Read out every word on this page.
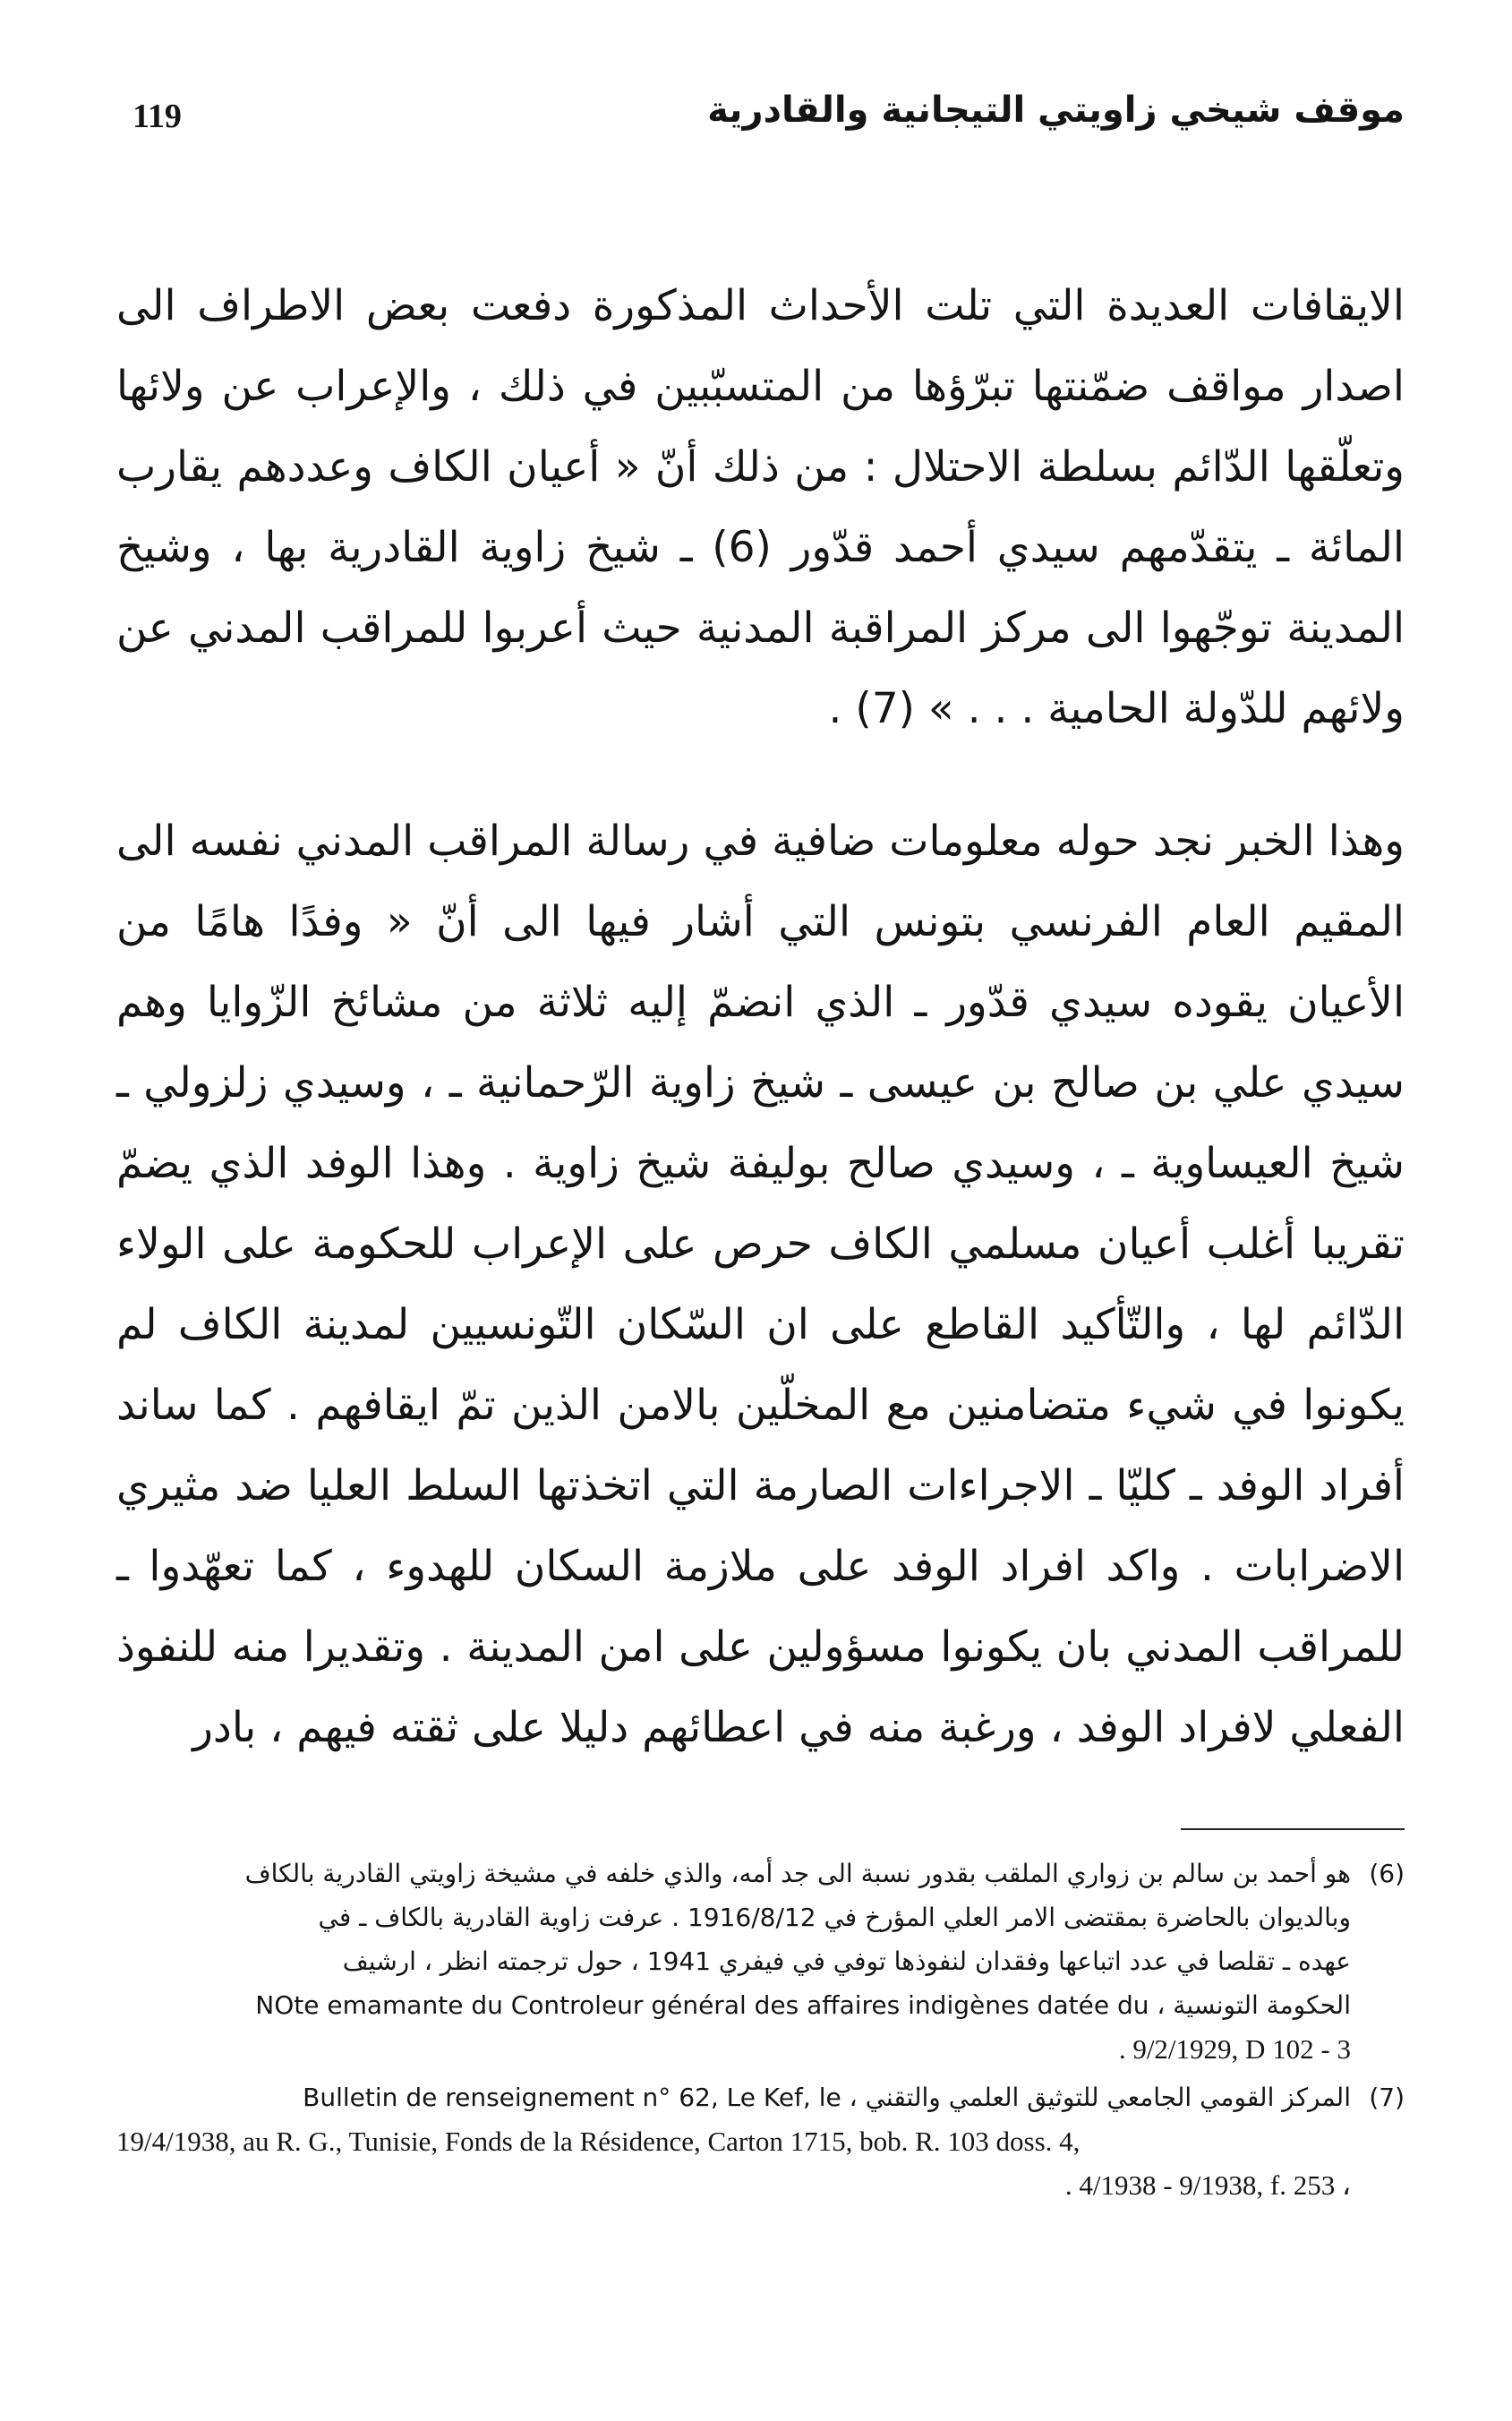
119	موقف شيخي زاويتي التيجانية والقادرية

الايقافات العديدة التي تلت الأحداث المذكورة دفعت بعض الاطراف الى اصدار مواقف ضمّنتها تبرّؤها من المتسبّبين في ذلك ، والإعراب عن ولائها وتعلّقها الدّائم بسلطة الاحتلال : من ذلك أنّ « أعيان الكاف وعددهم يقارب المائة ـ يتقدّمهم سيدي أحمد قدّور (6) ـ شيخ زاوية القادرية بها ، وشيخ المدينة توجّهوا الى مركز المراقبة المدنية حيث أعربوا للمراقب المدني عن ولائهم للدّولة الحامية . . . » (7) .

وهذا الخبر نجد حوله معلومات ضافية في رسالة المراقب المدني نفسه الى المقيم العام الفرنسي بتونس التي أشار فيها الى أنّ « وفدًا هامًا من الأعيان يقوده سيدي قدّور ـ الذي انضمّ إليه ثلاثة من مشائخ الزّوايا وهم سيدي علي بن صالح بن عيسى ـ شيخ زاوية الرّحمانية ـ ، وسيدي زلزولي ـ شيخ العيساوية ـ ، وسيدي صالح بوليفة شيخ زاوية . وهذا الوفد الذي يضمّ تقريبا أغلب أعيان مسلمي الكاف حرص على الإعراب للحكومة على الولاء الدّائم لها ، والتّأكيد القاطع على ان السّكان التّونسيين لمدينة الكاف لم يكونوا في شيء متضامنين مع المخلّين بالامن الذين تمّ ايقافهم . كما ساند أفراد الوفد ـ كليّا ـ الاجراءات الصارمة التي اتخذتها السلط العليا ضد مثيري الاضرابات . واكد افراد الوفد على ملازمة السكان للهدوء ، كما تعهّدوا ـ للمراقب المدني بان يكونوا مسؤولين على امن المدينة . وتقديرا منه للنفوذ الفعلي لافراد الوفد ، ورغبة منه في اعطائهم دليلا على ثقته فيهم ، بادر

(6)
هو أحمد بن سالم بن زواري الملقب بقدور نسبة الى جد أمه، والذي خلفه في مشيخة زاويتي القادرية بالكاف
وبالديوان بالحاضرة بمقتضى الامر العلي المؤرخ في 1916/8/12 . عرفت زاوية القادرية بالكاف ـ في
عهده ـ تقلصا في عدد اتباعها وفقدان لنفوذها توفي في فيفري 1941 ، حول ترجمته انظر ، ارشيف
الحكومة التونسية ، NOte emamante du Controleur général des affaires indigènes datée du
. 9/2/1929, D 102 - 3
(7)
المركز القومي الجامعي للتوثيق العلمي والتقني ، Bulletin de renseignement n° 62, Le Kef, le
19/4/1938, au R. G., Tunisie, Fonds de la Résidence, Carton 1715, bob. R. 103 doss. 4,
. 4/1938 - 9/1938, f. 253 ،
